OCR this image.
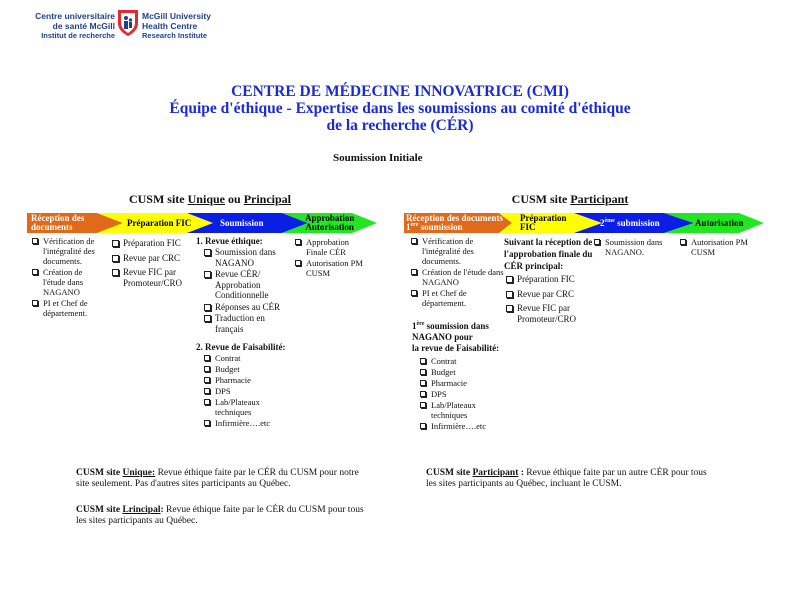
Centre universitaire
de santé McGill
Institut de recherche
McGill University
Health Centre
Research Institute
CENTRE DE MÉDECINE INNOVATRICE (CMI)
Équipe d'éthique - Expertise dans les soumissions au comité d'éthique
de la recherche (CÉR)
Soumission Initiale
CUSM site Unique ou Principal
Réception des
documents	Préparation FIC	Soumission	Approbation
Autorisation
Vérification de l'intégralité des documents.
Création de l'étude dans NAGANO
PI et Chef de département.
Préparation FIC
Revue par CRC
Revue FIC par Promoteur/CRO
1. Revue éthique:
Soumission dans NAGANO
Revue CÉR/ Approbation Conditionnelle
Réponses au CÉR
Traduction en français
2. Revue de Faisabilité:
Contrat
Budget
Pharmacie
DPS
Lab/Plateaux techniques
Infirmière….etc
Approbation Finale CÉR
Autorisation PM CUSM
CUSM site Participant
Réception des documents
1ère soumission
Préparation
FIC	2ème submission	Autorisation
Vérification de l'intégralité des documents.
Création de l'étude dans NAGANO
PI et Chef de département.
1ère soumission dans NAGANO pour
la revue de Faisabilité:
Contrat
Budget
Pharmacie
DPS
Lab/Plateaux techniques
Infirmière….etc
Suivant la réception de l'approbation finale du CÉR principal:
Préparation FIC
Revue par CRC
Revue FIC par Promoteur/CRO
Soumission dans NAGANO.
Autorisation PM CUSM
CUSM site Unique: Revue éthique faite par le CÉR du CUSM pour notre site seulement. Pas d'autres sites participants au Québec.
CUSM site Lrincipal: Revue éthique faite par le CÉR du CUSM pour tous les sites participants au Québec.
CUSM site Participant : Revue éthique faite par un autre CÉR pour tous les sites participants au Québec, incluant le CUSM.
